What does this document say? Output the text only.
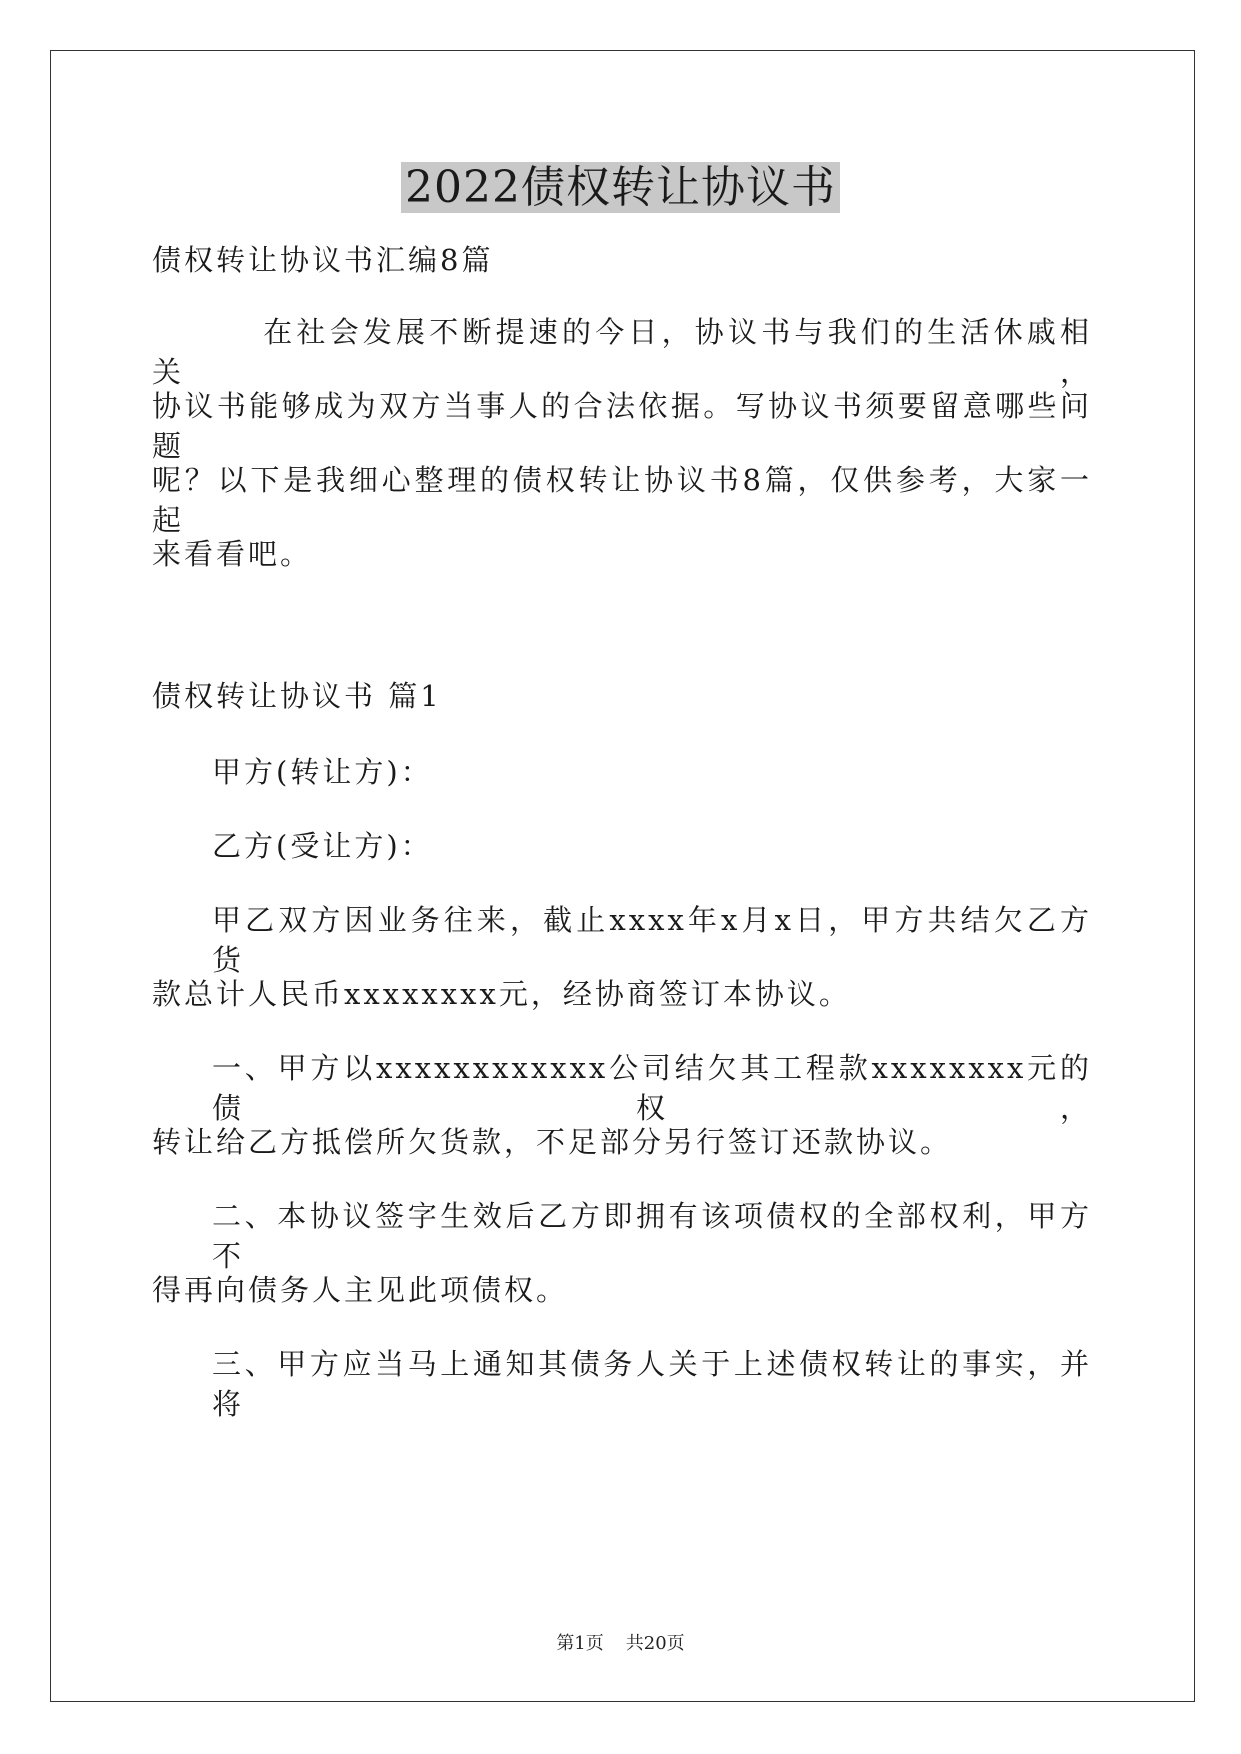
2022债权转让协议书
债权转让协议书汇编8篇
在社会发展不断提速的今日，协议书与我们的生活休戚相关，
协议书能够成为双方当事人的合法依据。写协议书须要留意哪些问题
呢？以下是我细心整理的债权转让协议书8篇，仅供参考，大家一起
来看看吧。
债权转让协议书 篇1
甲方(转让方)：
乙方(受让方)：
甲乙双方因业务往来，截止xxxx年x月x日，甲方共结欠乙方货
款总计人民币xxxxxxxx元，经协商签订本协议。
一、甲方以xxxxxxxxxxxx公司结欠其工程款xxxxxxxx元的债权，
转让给乙方抵偿所欠货款，不足部分另行签订还款协议。
二、本协议签字生效后乙方即拥有该项债权的全部权利，甲方不
得再向债务人主见此项债权。
三、甲方应当马上通知其债务人关于上述债权转让的事实，并将
第1页 共20页
